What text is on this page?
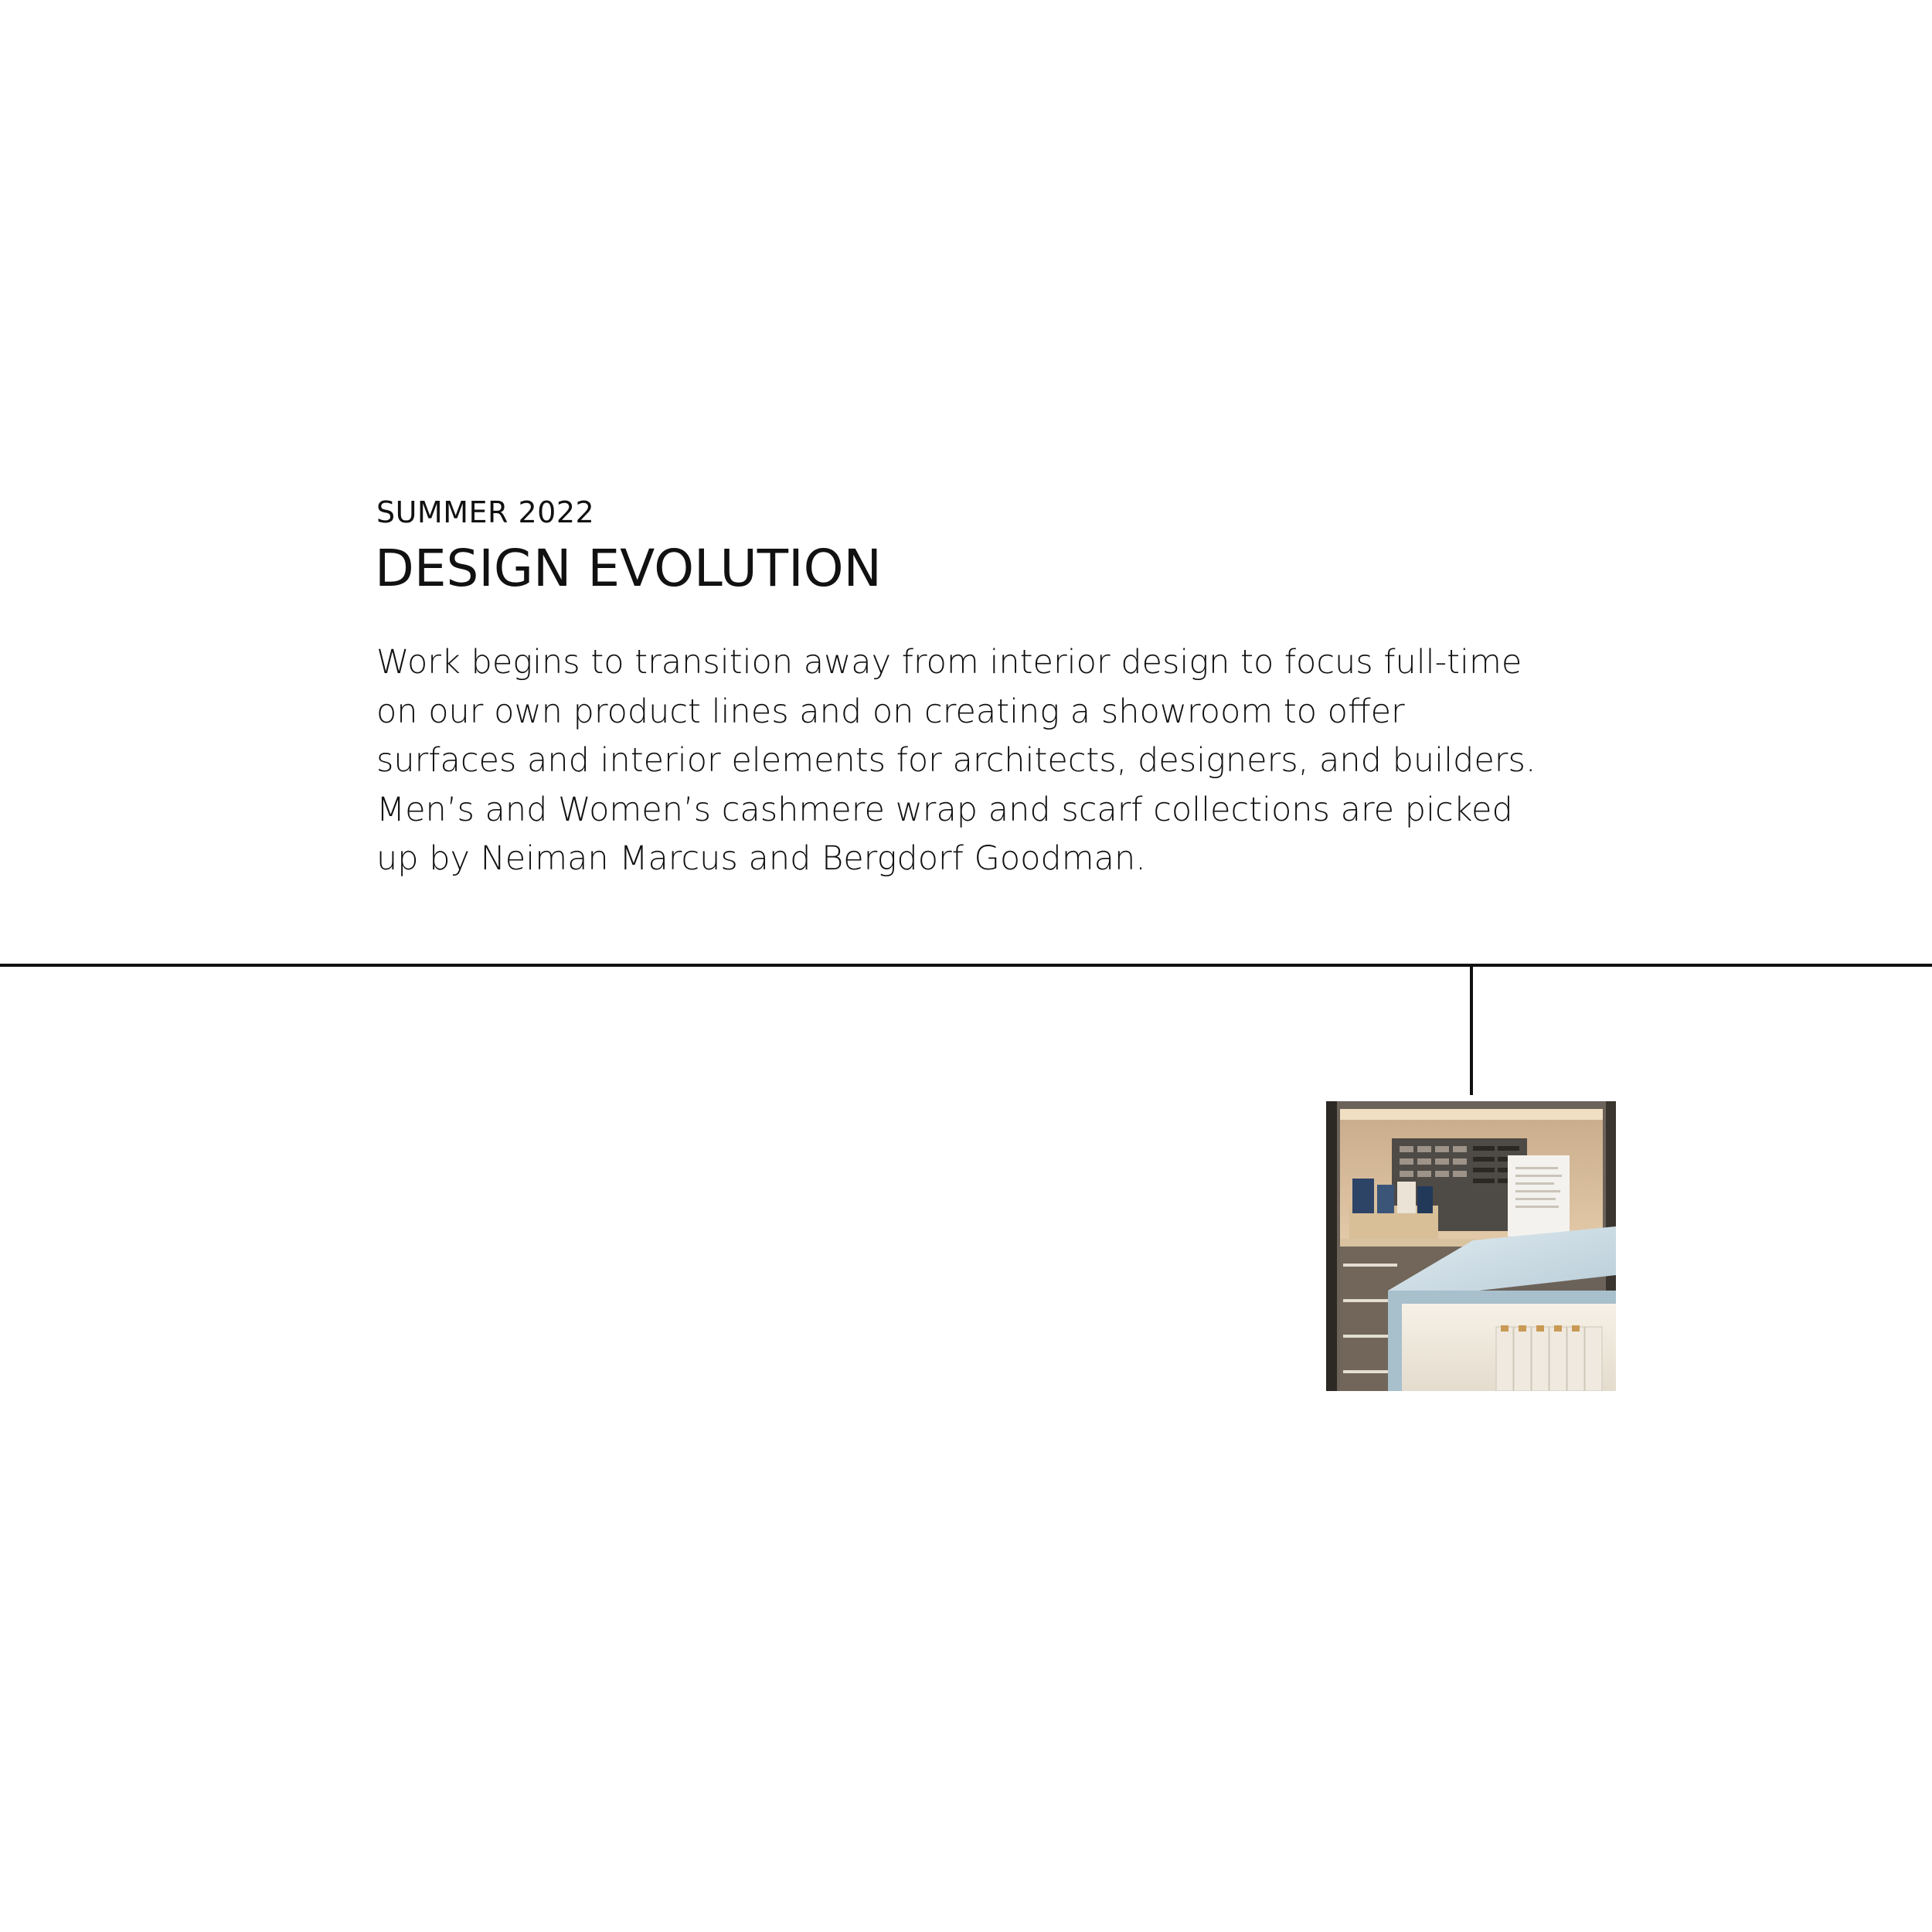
SUMMER 2022
DESIGN EVOLUTION

Work begins to transition away from interior design to focus full-time
on our own product lines and on creating a showroom to offer
surfaces and interior elements for architects, designers, and builders.
Men’s and Women’s cashmere wrap and scarf collections are picked
up by Neiman Marcus and Bergdorf Goodman.
